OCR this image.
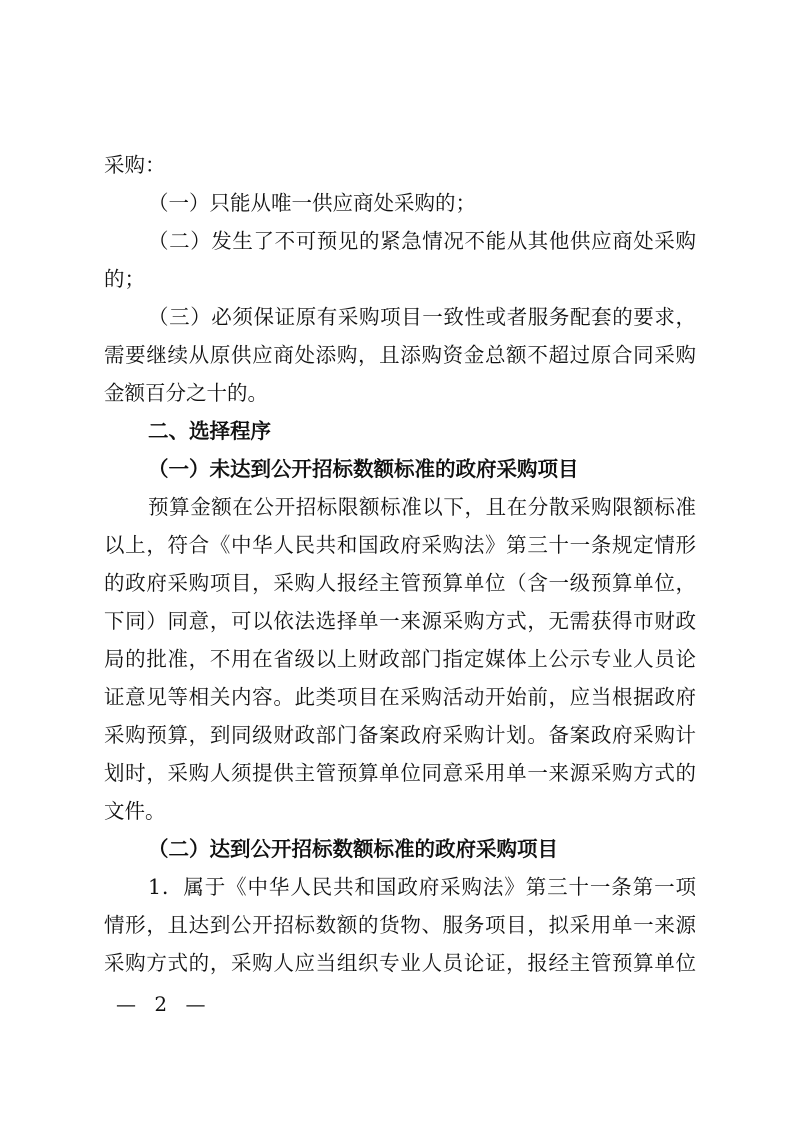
采购：
（一）只能从唯一供应商处采购的；
（二）发生了不可预见的紧急情况不能从其他供应商处采购
的；
（三）必须保证原有采购项目一致性或者服务配套的要求，
需要继续从原供应商处添购，且添购资金总额不超过原合同采购
金额百分之十的。
二、选择程序
（一）未达到公开招标数额标准的政府采购项目
预算金额在公开招标限额标准以下，且在分散采购限额标准
以上，符合《中华人民共和国政府采购法》第三十一条规定情形
的政府采购项目，采购人报经主管预算单位（含一级预算单位，
下同）同意，可以依法选择单一来源采购方式，无需获得市财政
局的批准，不用在省级以上财政部门指定媒体上公示专业人员论
证意见等相关内容。此类项目在采购活动开始前，应当根据政府
采购预算，到同级财政部门备案政府采购计划。备案政府采购计
划时，采购人须提供主管预算单位同意采用单一来源采购方式的
文件。
（二）达到公开招标数额标准的政府采购项目
1．属于《中华人民共和国政府采购法》第三十一条第一项
情形，且达到公开招标数额的货物、服务项目，拟采用单一来源
采购方式的，采购人应当组织专业人员论证，报经主管预算单位
— 2 —
